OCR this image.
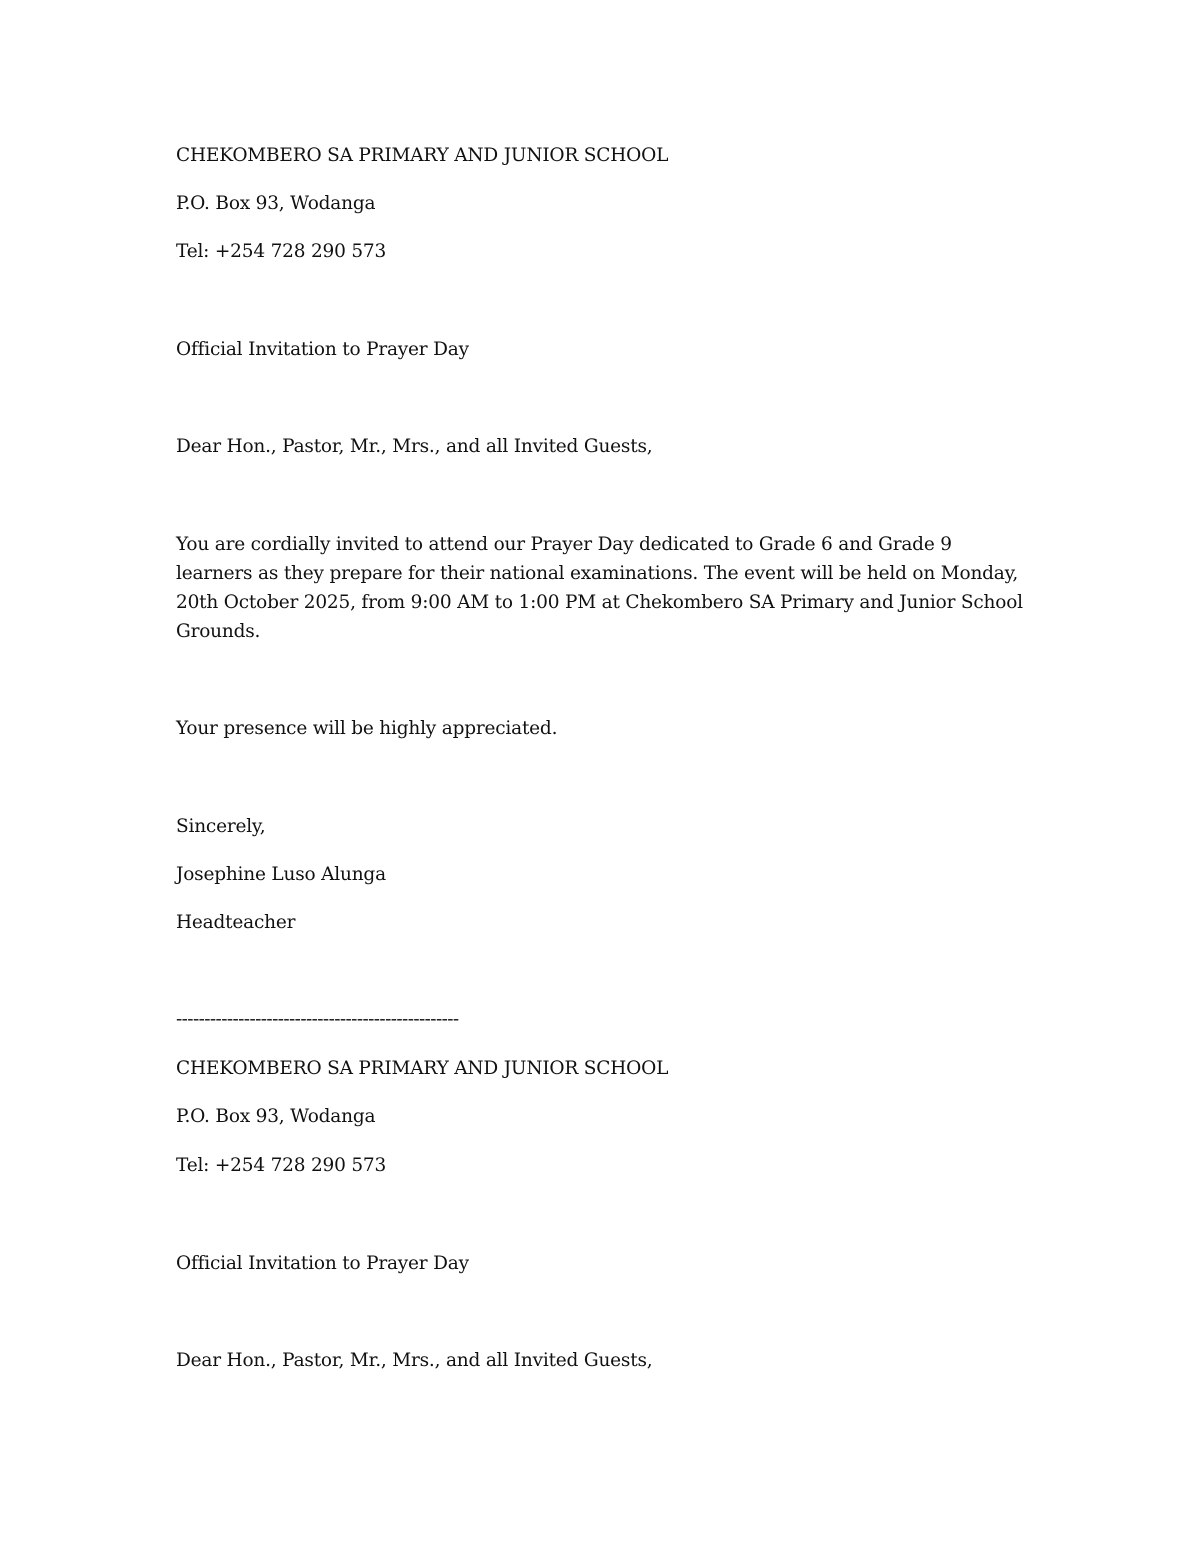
CHEKOMBERO SA PRIMARY AND JUNIOR SCHOOL
P.O. Box 93, Wodanga
Tel: +254 728 290 573
Official Invitation to Prayer Day
Dear Hon., Pastor, Mr., Mrs., and all Invited Guests,
You are cordially invited to attend our Prayer Day dedicated to Grade 6 and Grade 9
learners as they prepare for their national examinations. The event will be held on Monday,
20th October 2025, from 9:00 AM to 1:00 PM at Chekombero SA Primary and Junior School
Grounds.
Your presence will be highly appreciated.
Sincerely,
Josephine Luso Alunga
Headteacher
--------------------------------------------------
CHEKOMBERO SA PRIMARY AND JUNIOR SCHOOL
P.O. Box 93, Wodanga
Tel: +254 728 290 573
Official Invitation to Prayer Day
Dear Hon., Pastor, Mr., Mrs., and all Invited Guests,
